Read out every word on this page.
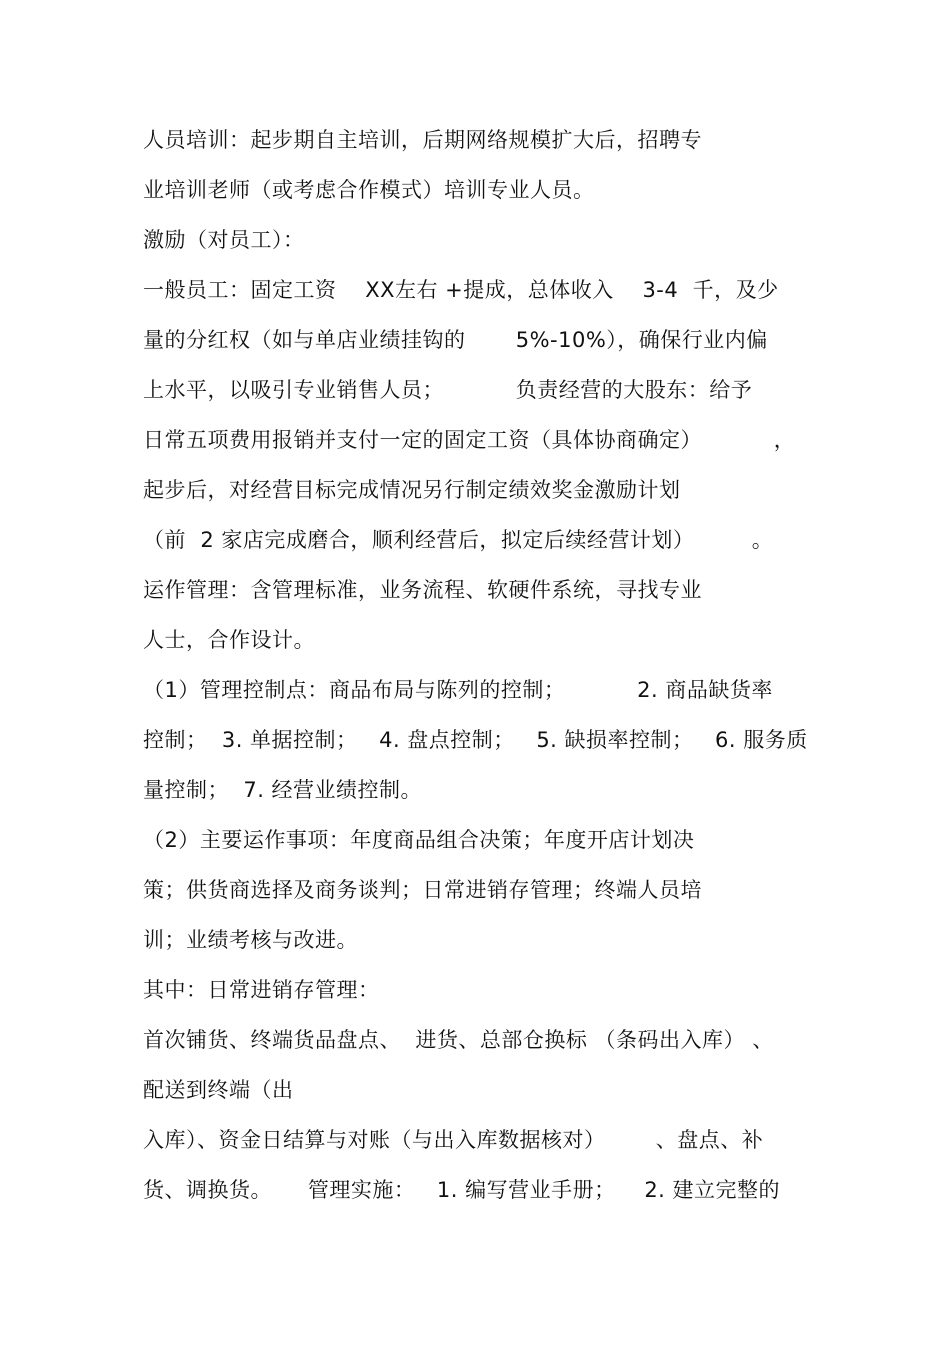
人员培训：起步期自主培训，后期网络规模扩大后，招聘专
业培训老师（或考虑合作模式）培训专业人员。
激励（对员工）：
一般员工：固定工资    XX左右 +提成，总体收入    3-4  千，及少
量的分红权（如与单店业绩挂钩的       5%-10%），确保行业内偏
上水平，以吸引专业销售人员；          负责经营的大股东：给予
日常五项费用报销并支付一定的固定工资（具体协商确定）          ，
起步后，对经营目标完成情况另行制定绩效奖金激励计划
（前  2 家店完成磨合，顺利经营后，拟定后续经营计划）        。
运作管理：含管理标准，业务流程、软硬件系统，寻找专业
人士，合作设计。
（1）管理控制点：商品布局与陈列的控制；          2. 商品缺货率
控制；  3. 单据控制；   4. 盘点控制；   5. 缺损率控制；   6. 服务质
量控制；  7. 经营业绩控制。
（2）主要运作事项：年度商品组合决策；年度开店计划决
策；供货商选择及商务谈判；日常进销存管理；终端人员培
训；业绩考核与改进。
其中：日常进销存管理：
首次铺货、终端货品盘点、  进货、总部仓换标 （条码出入库） 、
配送到终端（出
入库）、资金日结算与对账（与出入库数据核对）       、盘点、补
货、调换货。     管理实施：   1. 编写营业手册；    2. 建立完整的
